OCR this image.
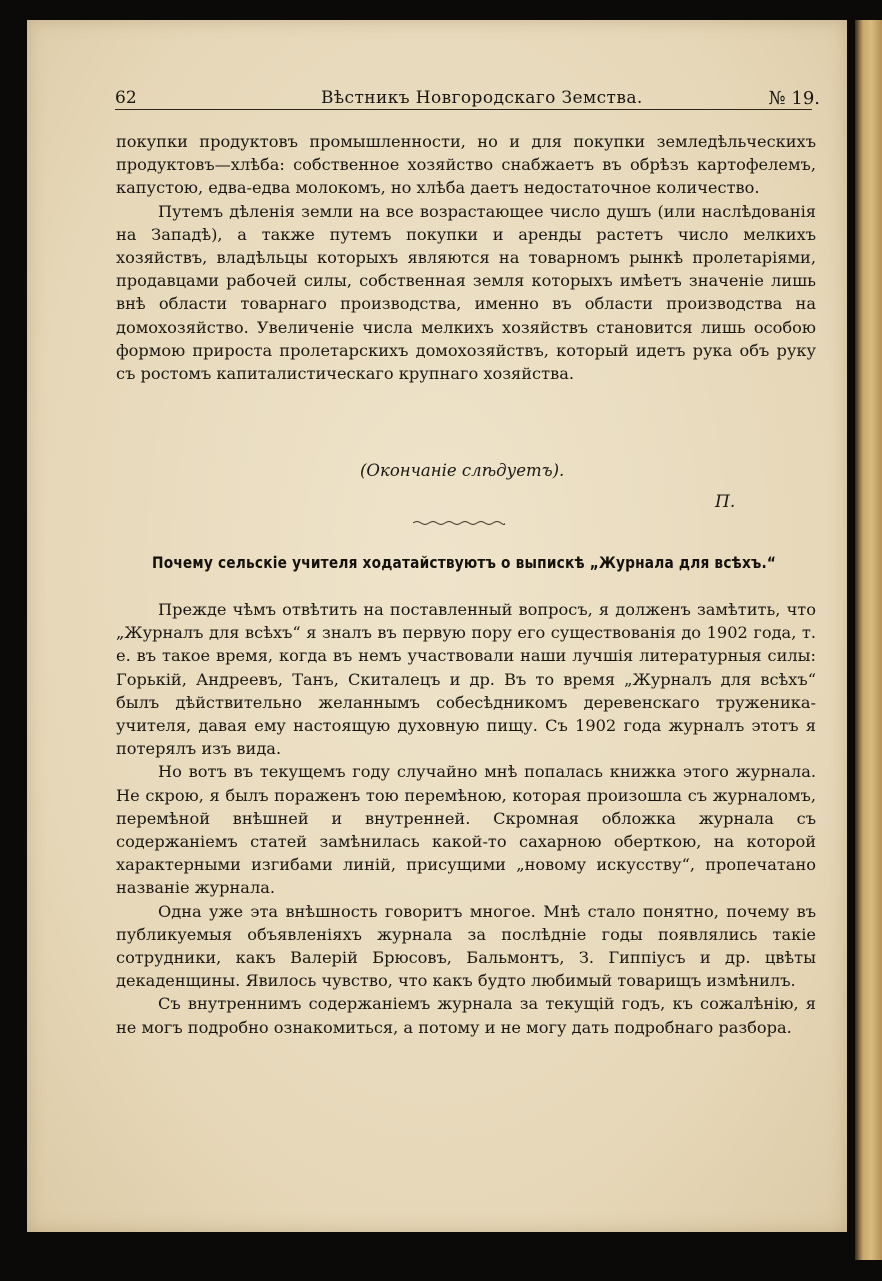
62	Вѣстникъ Новгородскаго Земства.	№ 19.

покупки продуктовъ промышленности, но и для покупки земледѣльческихъ продуктовъ—хлѣба: собственное хозяйство снабжаетъ въ обрѣзъ картофелемъ, капустою, едва-едва молокомъ, но хлѣба даетъ недостаточное количество.

Путемъ дѣленія земли на все возрастающее число душъ (или наслѣдованія на Западѣ), а также путемъ покупки и аренды растетъ число мелкихъ хозяйствъ, владѣльцы которыхъ являются на товарномъ рынкѣ пролетаріями, продавцами рабочей силы, собственная земля которыхъ имѣетъ значеніе лишь внѣ области товарнаго производства, именно въ области производства на домохозяйство. Увеличеніе числа мелкихъ хозяйствъ становится лишь особою формою прироста пролетарскихъ домохозяйствъ, который идетъ рука объ руку съ ростомъ капиталистическаго крупнаго хозяйства.

(Окончаніе слѣдуетъ).
П.
Почему сельскіе учителя ходатайствуютъ о выпискѣ „Журнала для всѣхъ.“

Прежде чѣмъ отвѣтить на поставленный вопросъ, я долженъ замѣтить, что „Журналъ для всѣхъ“ я зналъ въ первую пору его существованія до 1902 года, т. е. въ такое время, когда въ немъ участвовали наши лучшія литературныя силы: Горькій, Андреевъ, Танъ, Скиталецъ и др. Въ то время „Журналъ для всѣхъ“ былъ дѣйствительно желаннымъ собесѣдникомъ деревенскаго труженика-учителя, давая ему настоящую духовную пищу. Съ 1902 года журналъ этотъ я потерялъ изъ вида.

Но вотъ въ текущемъ году случайно мнѣ попалась книжка этого журнала. Не скрою, я былъ пораженъ тою перемѣною, которая произошла съ журналомъ, перемѣной внѣшней и внутренней. Скромная обложка журнала съ содержаніемъ статей замѣнилась какой-то сахарною оберткою, на которой характерными изгибами линій, присущими „новому искусству“, пропечатано названіе журнала.

Одна уже эта внѣшность говоритъ многое. Мнѣ стало понятно, почему въ публикуемыя объявленіяхъ журнала за послѣдніе годы появлялись такіе сотрудники, какъ Валерій Брюсовъ, Бальмонтъ, З. Гиппіусъ и др. цвѣты декаденщины. Явилось чувство, что какъ будто любимый товарищъ измѣнилъ.

Съ внутреннимъ содержаніемъ журнала за текущій годъ, къ сожалѣнію, я не могъ подробно ознакомиться, а потому и не могу дать подробнаго разбора.
